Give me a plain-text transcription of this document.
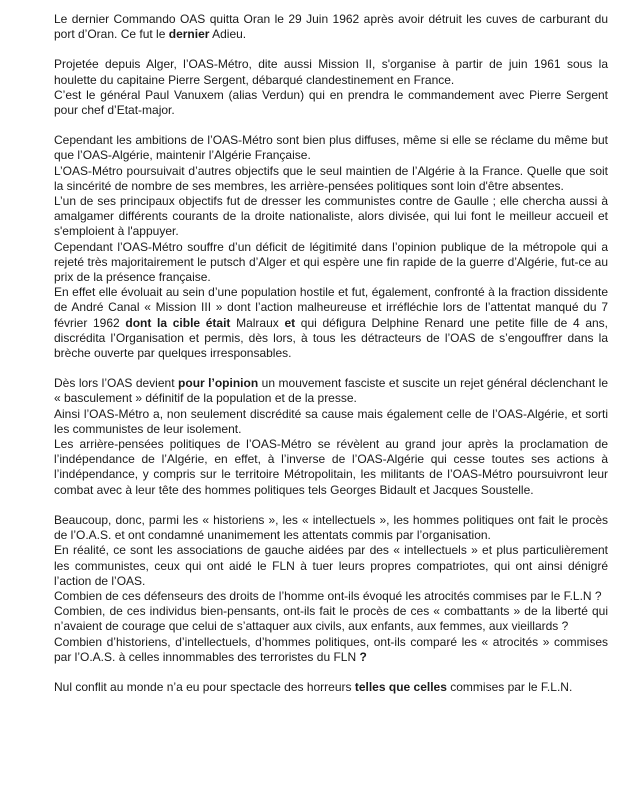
Le dernier Commando OAS quitta Oran le 29 Juin 1962 après avoir détruit les cuves de carburant du port d’Oran. Ce fut le dernier Adieu.

Projetée depuis Alger, l’OAS-Métro, dite aussi Mission II, s'organise à partir de juin 1961 sous la houlette du capitaine Pierre Sergent, débarqué clandestinement en France.

C’est le général Paul Vanuxem (alias Verdun) qui en prendra le commandement avec Pierre Sergent pour chef d’Etat-major.

Cependant les ambitions de l’OAS-Métro sont bien plus diffuses, même si elle se réclame du même but que l’OAS-Algérie, maintenir l’Algérie Française.

L’OAS-Métro poursuivait d’autres objectifs que le seul maintien de l’Algérie à la France. Quelle que soit la sincérité de nombre de ses membres, les arrière-pensées politiques sont loin d'être absentes.

L’un de ses principaux objectifs fut de dresser les communistes contre de Gaulle ; elle chercha aussi à amalgamer différents courants de la droite nationaliste, alors divisée, qui lui font le meilleur accueil et s'emploient à l'appuyer.

Cependant l’OAS-Métro souffre d’un déficit de légitimité dans l’opinion publique de la métropole qui a rejeté très majoritairement le putsch d’Alger et qui espère une fin rapide de la guerre d’Algérie, fut-ce au prix de la présence française.

En effet elle évoluait au sein d’une population hostile et fut, également, confronté à la fraction dissidente de André Canal « Mission III » dont l’action malheureuse et irréfléchie lors de l’attentat manqué du 7 février 1962 dont la cible était Malraux et qui défigura Delphine Renard une petite fille de 4 ans, discrédita l’Organisation et permis, dès lors, à tous les détracteurs de l’OAS de s’engouffrer dans la brèche ouverte par quelques irresponsables.

Dès lors l’OAS devient pour l’opinion un mouvement fasciste et suscite un rejet général déclenchant le « basculement » définitif de la population et de la presse.

Ainsi l’OAS-Métro a, non seulement discrédité sa cause mais également celle de l’OAS-Algérie, et sorti les communistes de leur isolement.

Les arrière-pensées politiques de l’OAS-Métro se révèlent au grand jour après la proclamation de l’indépendance de l’Algérie, en effet, à l’inverse de l’OAS-Algérie qui cesse toutes ses actions à l’indépendance, y compris sur le territoire Métropolitain, les militants de l’OAS-Métro poursuivront leur combat avec à leur tête des hommes politiques tels Georges Bidault et Jacques Soustelle.

Beaucoup, donc, parmi les « historiens », les « intellectuels », les hommes politiques ont fait le procès de l’O.A.S. et ont condamné unanimement les attentats commis par l’organisation.

En réalité, ce sont les associations de gauche aidées par des « intellectuels » et plus particulièrement les communistes, ceux qui ont aidé le FLN à tuer leurs propres compatriotes, qui ont ainsi dénigré l’action de l’OAS.

Combien de ces défenseurs des droits de l’homme ont-ils évoqué les atrocités commises par le F.L.N ?

Combien, de ces individus bien-pensants, ont-ils fait le procès de ces « combattants » de la liberté qui n’avaient de courage que celui de s’attaquer aux civils, aux enfants, aux femmes, aux vieillards ?

Combien d’historiens, d’intellectuels, d’hommes politiques, ont-ils comparé les « atrocités » commises par l’O.A.S. à celles innommables des terroristes du FLN ?

Nul conflit au monde n’a eu pour spectacle des horreurs telles que celles commises par le F.L.N.
